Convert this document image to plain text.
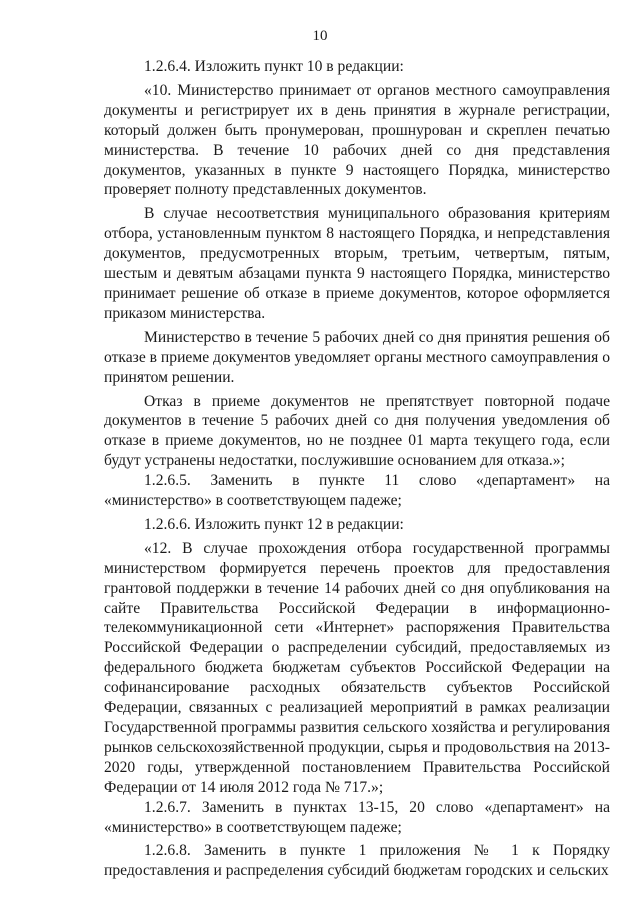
10

1.2.6.4. Изложить пункт 10 в редакции:

«10. Министерство принимает от органов местного самоуправления документы и регистрирует их в день принятия в журнале регистрации, который должен быть пронумерован, прошнурован и скреплен печатью министерства. В течение 10 рабочих дней со дня представления документов, указанных в пункте 9 настоящего Порядка, министерство проверяет полноту представленных документов.

В случае несоответствия муниципального образования критериям отбора, установленным пунктом 8 настоящего Порядка, и непредставления документов, предусмотренных вторым, третьим, четвертым, пятым, шестым и девятым абзацами пункта 9 настоящего Порядка, министерство принимает решение об отказе в приеме документов, которое оформляется приказом министерства.

Министерство в течение 5 рабочих дней со дня принятия решения об отказе в приеме документов уведомляет органы местного самоуправления о принятом решении.

Отказ в приеме документов не препятствует повторной подаче документов в течение 5 рабочих дней со дня получения уведомления об отказе в приеме документов, но не позднее 01 марта текущего года, если будут устранены недостатки, послужившие основанием для отказа.»;

1.2.6.5. Заменить в пункте 11 слово «департамент» на «министерство» в соответствующем падеже;

1.2.6.6. Изложить пункт 12 в редакции:

«12. В случае прохождения отбора государственной программы министерством формируется перечень проектов для предоставления грантовой поддержки в течение 14 рабочих дней со дня опубликования на сайте Правительства Российской Федерации в информационно-телекоммуникационной сети «Интернет» распоряжения Правительства Российской Федерации о распределении субсидий, предоставляемых из федерального бюджета бюджетам субъектов Российской Федерации на софинансирование расходных обязательств субъектов Российской Федерации, связанных с реализацией мероприятий в рамках реализации Государственной программы развития сельского хозяйства и регулирования рынков сельскохозяйственной продукции, сырья и продовольствия на 2013-2020 годы, утвержденной постановлением Правительства Российской Федерации от 14 июля 2012 года № 717.»;

1.2.6.7. Заменить в пунктах 13-15, 20 слово «департамент» на «министерство» в соответствующем падеже;

1.2.6.8. Заменить в пункте 1 приложения № 1 к Порядку предоставления и распределения субсидий бюджетам городских и сельских
